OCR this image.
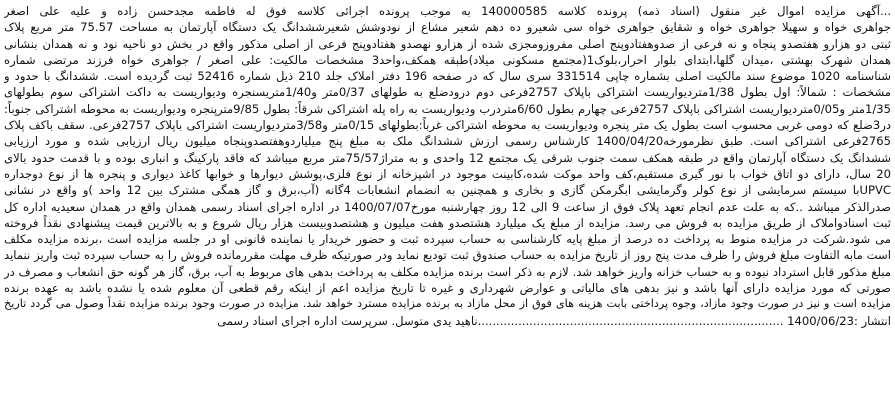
...آگهی مزایده اموال غیر منقول (اسناد ذمه) پرونده کلاسه 140000585 به موجب پرونده اجرائی کلاسه فوق له فاطمه مجدحسن زاده و علیه علی اصغر
جواهری خواه و سهیلا جواهری خواه و شقایق جواهری خواه سی شعیرو ده دهم شعیر مشاع از نودوشش شعیرششدانگ یک دستگاه آپارتمان به مساحت 75.57 متر مربع پلاک
ثبتی دو هزارو هفتصدو پنجاه و نه فرعی از صدوهفتادوپنج اصلی مفروزومجزی شده از هزارو نهصدو هفتادوپنج فرعی از اصلی مذکور واقع در بخش دو ناحیه نود و نه همدان بنشانی
همدان شهرک بهشتی ،میدان گلها،ابتدای بلوار احرار،بلوک1(مجتمع مسکونی میلاد)طبقه همکف،واحد3 مشخصات مالکیت: علی اصغر / جواهری خواه فرزند مرتضی شماره
شناسنامه 1020 موضوع سند مالکیت اصلی بشماره چاپی 331514 سری سال که در صفحه 196 دفتر املاک جلد 210 ذیل شماره 52416 ثبت گردیده است. ششدانگ با حدود و
مشخصات : شمالاً: اول بطول 1/38متردیواریست اشتراکی باپلاک 2757فرعی دوم درودضلع به طولهای 0/37متر و1/40متریسنجره ودیواریست به داکت اشتراکی سوم بطولهای
1/35متر و0/05متردیواریست اشتراکی باپلاک 2757فرعی چهارم بطول 6/60متردرب ودیواریست به راه پله اشتراکی شرقاً: بطول 9/85مترپنجره ودیواریست به محوطه اشتراکی جنوباً:
در3ضلع که دومی غربی محسوب است بطول یک متر پنجره ودیواریست به محوطه اشتراکی غرباً:بطولهای 0/15متر و3/58متردیواریست اشتراکی باپلاک 2757فرعی. سقف باکف پلاک
2765فرعی اشتراکی است. طبق نظرمورخه1400/04/20 کارشناس رسمی ارزش ششدانگ ملک به مبلغ پنج میلیاردوهفتصدوپنجاه میلیون ریال ارزیابی شده و مورد ارزیابی
ششدانگ یک دستگاه آپارتمان واقع در طبقه همکف سمت جنوب شرقی یک مجتمع 12 واحدی و به متراژ75/57متر مربع میباشد که فاقد پارکینگ و انباری بوده و با قدمت حدود بالای
20 سال، دارای دو اتاق خواب با نور گیری مستقیم،کف واحد موکت شده،کابینت موجود در اشپزخانه از نوع فلزی،پوشش دیوارها و خوابها کاغذ دیواری و پنجره ها از نوع دوجداره
UPVCبا سیستم سرمایشی از نوع کولر وگرمایشی ابگرمکن گازی و بخاری و همچنین به انضمام انشعابات 4گانه (آب،برق و گاز همگی مشترک بین 12 واحد )و واقع در نشانی
صدرالذکر میباشد ..که به علت عدم انجام تعهد پلاک فوق از ساعت 9 الی 12 روز چهارشنبه مورخ1400/07/07 در اداره اجرای اسناد رسمی همدان واقع در همدان سعیدیه اداره کل
ثبت اسنادواملاک از طریق مزایده به فروش می رسد. مزایده از مبلغ یک میلیارد هشتصدو هفت میلیون و هشتصدوبیست هزار ریال شروع و به بالاترین قیمت پیشنهادی نقداً فروخته
می شود.شرکت در مزایده منوط به پرداخت ده درصد از مبلغ پایه کارشناسی به حساب سپرده ثبت و حضور خریدار یا نماینده قانونی او در جلسه مزایده است ،برنده مزایده مکلف
است مابه التفاوت مبلغ فروش را ظرف مدت پنج روز از تاریخ مزایده به حساب صندوق ثبت تودیع نماید ودر صورتیکه ظرف مهلت مقررمانده فروش را به حساب سپرده ثبت واریز ننماید
مبلغ مذکور قابل استرداد نبوده و به حساب خزانه واریز خواهد شد. لازم به ذکر است برنده مزایده مکلف به پرداخت بدهی های مربوط به آب، برق، گاز هر گونه حق انشعاب و مصرف در
صورتی که مورد مزایده دارای آنها باشد و نیز بدهی های مالیاتی و عوارض شهرداری و غیره تا تاریخ مزایده اعم از اینکه رقم قطعی آن معلوم شده یا نشده باشد به عهده برنده
مزایده است و نیز در صورت وجود مازاد، وجوه پرداختی بابت هزینه های فوق از محل مازاد به برنده مزایده مسترد خواهد شد. مزایده در صورت وجود برنده مزایده نقداً وصول می گردد تاریخ
انتشار :1400/06/23 ...................................................................................ناهید یدی متوسل. سرپرست اداره اجرای اسناد رسمی
